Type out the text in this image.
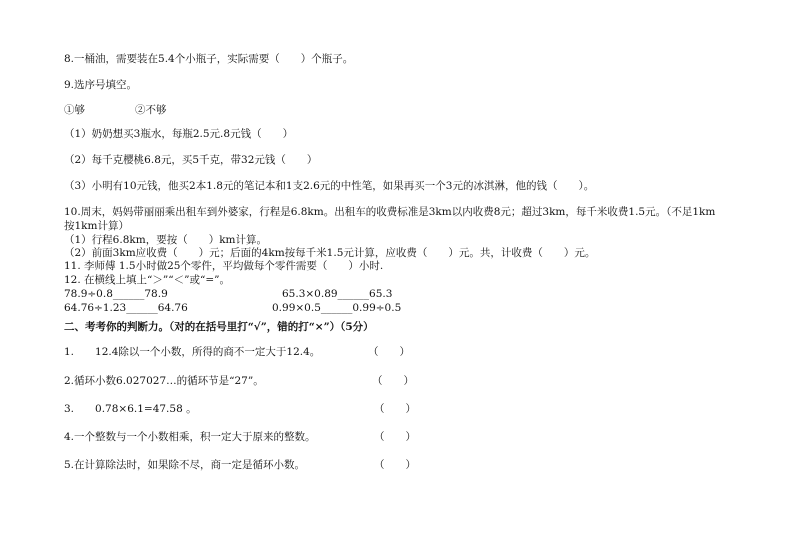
8.一桶油，需要装在5.4个小瓶子，实际需要（　　）个瓶子。
9.选序号填空。
①够	②不够
（1）奶奶想买3瓶水，每瓶2.5元.8元钱（　　）
（2）每千克樱桃6.8元，买5千克，带32元钱（　　）
（3）小明有10元钱，他买2本1.8元的笔记本和1支2.6元的中性笔，如果再买一个3元的冰淇淋，他的钱（　　）。
10.周末，妈妈带丽丽乘出租车到外婆家，行程是6.8km。出租车的收费标准是3km以内收费8元；超过3km，每千米收费1.5元。（不足1km
按1km计算）
（1）行程6.8km，要按（　　）km计算。
（2）前面3km应收费（　　）元；后面的4km按每千米1.5元计算，应收费（　　）元。共，计收费（　　）元。
11. 李师傅 1.5小时做25个零件，平均做每个零件需要（　　）小时.
12. 在横线上填上“＞”“＜”或“=”。
78.9÷0.8______78.9	65.3×0.89______65.3
64.76÷1.23______64.76	0.99×0.5______0.99÷0.5
二、考考你的判断力。（对的在括号里打“√”，错的打“×”）（5分）
1.　　12.4除以一个小数，所得的商不一定大于12.4。	（　　）
2.循环小数6.027027…的循环节是“27”。	（　　）
3.　　0.78×6.1=47.58 。	（　　）
4.一个整数与一个小数相乘，积一定大于原来的整数。	（　　）
5.在计算除法时，如果除不尽，商一定是循环小数。	（　　）
